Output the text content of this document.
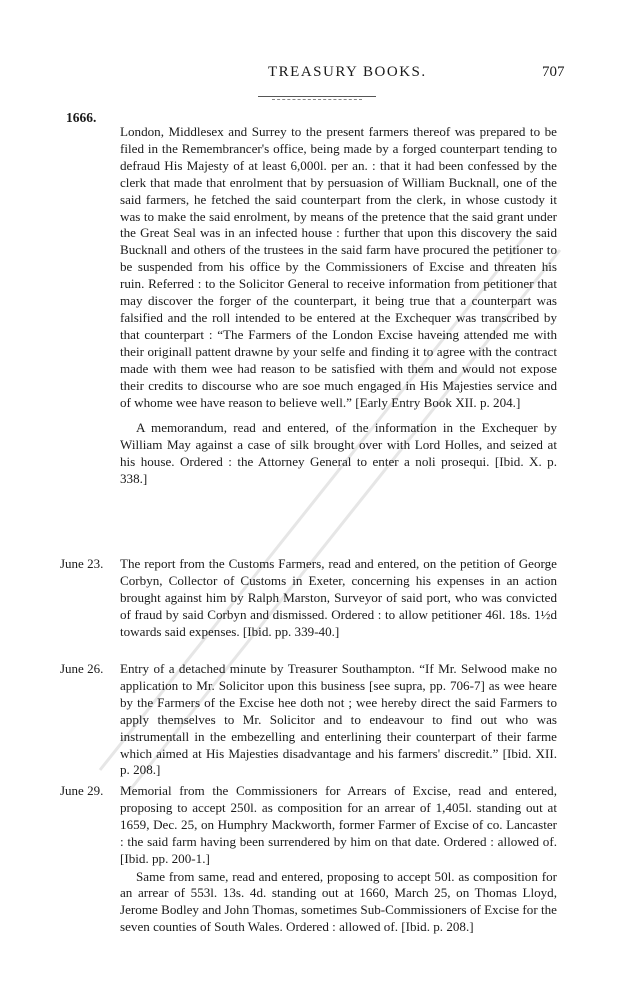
TREASURY BOOKS.	707
1666.

London, Middlesex and Surrey to the present farmers thereof was prepared to be filed in the Remembrancer's office, being made by a forged counterpart tending to defraud His Majesty of at least 6,000l. per an. : that it had been confessed by the clerk that made that enrolment that by persuasion of William Bucknall, one of the said farmers, he fetched the said counterpart from the clerk, in whose custody it was to make the said enrolment, by means of the pretence that the said grant under the Great Seal was in an infected house : further that upon this discovery the said Bucknall and others of the trustees in the said farm have procured the petitioner to be suspended from his office by the Commissioners of Excise and threaten his ruin. Referred : to the Solicitor General to receive information from petitioner that may discover the forger of the counterpart, it being true that a counterpart was falsified and the roll intended to be entered at the Exchequer was transcribed by that counterpart : “The Farmers of the London Excise haveing attended me with their originall pattent drawne by your selfe and finding it to agree with the contract made with them wee had reason to be satisfied with them and would not expose their credits to discourse who are soe much engaged in His Majesties service and of whome wee have reason to believe well.” [Early Entry Book XII. p. 204.]

A memorandum, read and entered, of the information in the Exchequer by William May against a case of silk brought over with Lord Holles, and seized at his house. Ordered : the Attorney General to enter a noli prosequi. [Ibid. X. p. 338.]

June 23. The report from the Customs Farmers, read and entered, on the petition of George Corbyn, Collector of Customs in Exeter, concerning his expenses in an action brought against him by Ralph Marston, Surveyor of said port, who was convicted of fraud by said Corbyn and dismissed. Ordered : to allow petitioner 46l. 18s. 1½d towards said expenses. [Ibid. pp. 339-40.]

June 26. Entry of a detached minute by Treasurer Southampton. “If Mr. Selwood make no application to Mr. Solicitor upon this business [see supra, pp. 706-7] as wee heare by the Farmers of the Excise hee doth not ; wee hereby direct the said Farmers to apply themselves to Mr. Solicitor and to endeavour to find out who was instrumentall in the embezelling and enterlining their counterpart of their farme which aimed at His Majesties disadvantage and his farmers' discredit.” [Ibid. XII. p. 208.]

June 29. Memorial from the Commissioners for Arrears of Excise, read and entered, proposing to accept 250l. as composition for an arrear of 1,405l. standing out at 1659, Dec. 25, on Humphry Mackworth, former Farmer of Excise of co. Lancaster : the said farm having been surrendered by him on that date. Ordered : allowed of. [Ibid. pp. 200-1.]

Same from same, read and entered, proposing to accept 50l. as composition for an arrear of 553l. 13s. 4d. standing out at 1660, March 25, on Thomas Lloyd, Jerome Bodley and John Thomas, sometimes Sub-Commissioners of Excise for the seven counties of South Wales. Ordered : allowed of. [Ibid. p. 208.]
